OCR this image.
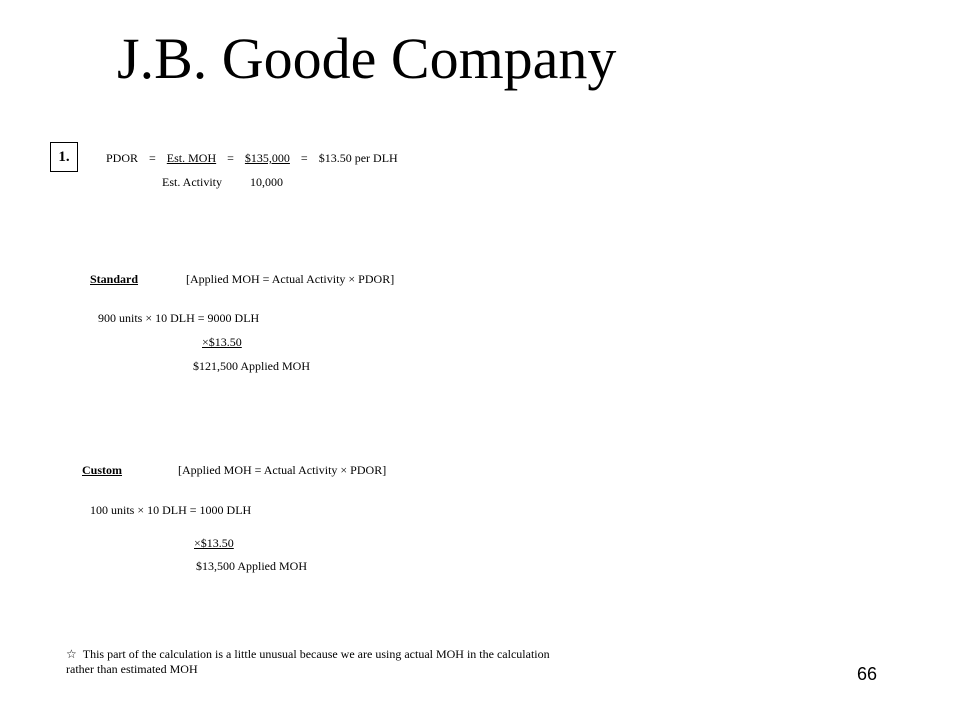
J.B. Goode Company
1.	PDOR = Est. MOH = $135,000 = $13.50 per DLH
Est. Activity 10,000
Standard	[Applied MOH = Actual Activity × PDOR]
900 units × 10 DLH = 9000 DLH
×$13.50
$121,500 Applied MOH
Custom	[Applied MOH = Actual Activity × PDOR]
100 units × 10 DLH = 1000 DLH
×$13.50
$13,500 Applied MOH
☆ This part of the calculation is a little unusual because we are using actual MOH in the calculation
rather than estimated MOH	66
